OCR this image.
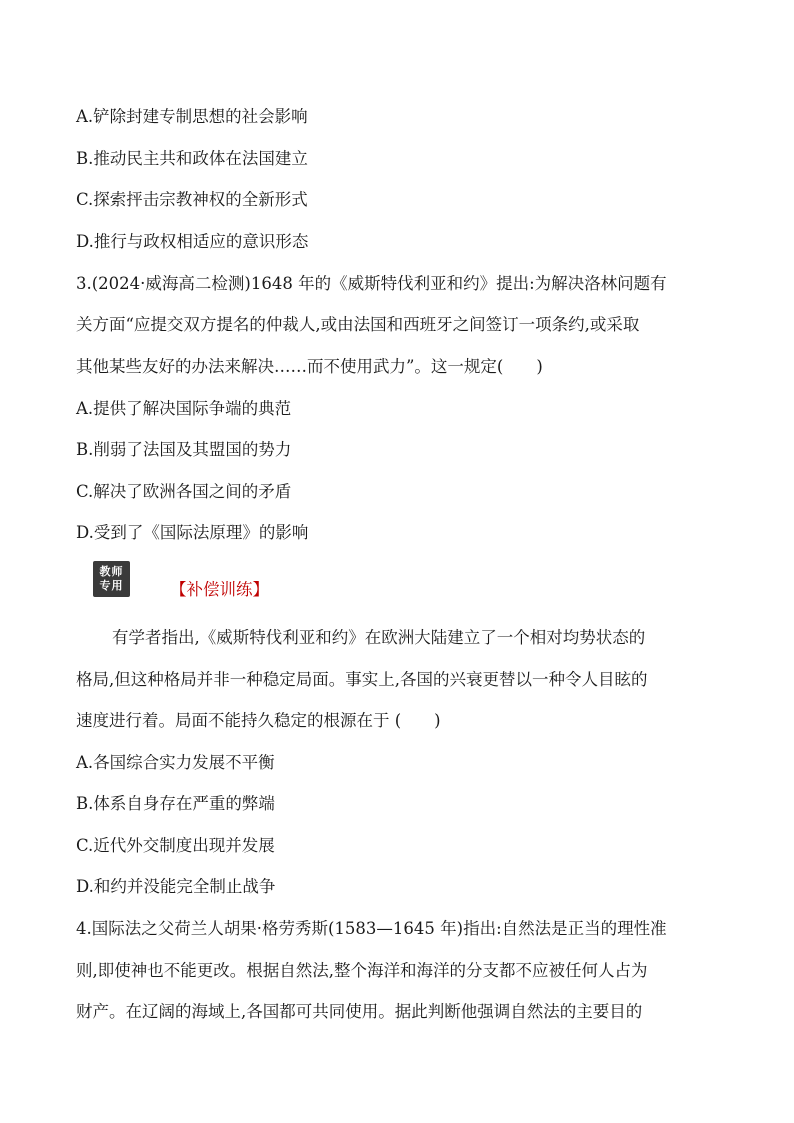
A.铲除封建专制思想的社会影响
B.推动民主共和政体在法国建立
C.探索抨击宗教神权的全新形式
D.推行与政权相适应的意识形态
3.(2024·威海高二检测)1648 年的《威斯特伐利亚和约》提出:为解决洛林问题有
关方面“应提交双方提名的仲裁人,或由法国和西班牙之间签订一项条约,或采取
其他某些友好的办法来解决……而不使用武力”。这一规定(　　)
A.提供了解决国际争端的典范
B.削弱了法国及其盟国的势力
C.解决了欧洲各国之间的矛盾
D.受到了《国际法原理》的影响
教师
专用	【补偿训练】
有学者指出,《威斯特伐利亚和约》在欧洲大陆建立了一个相对均势状态的
格局,但这种格局并非一种稳定局面。事实上,各国的兴衰更替以一种令人目眩的
速度进行着。局面不能持久稳定的根源在于 (　　)
A.各国综合实力发展不平衡
B.体系自身存在严重的弊端
C.近代外交制度出现并发展
D.和约并没能完全制止战争
4.国际法之父荷兰人胡果·格劳秀斯(1583—1645 年)指出:自然法是正当的理性准
则,即使神也不能更改。根据自然法,整个海洋和海洋的分支都不应被任何人占为
财产。在辽阔的海域上,各国都可共同使用。据此判断他强调自然法的主要目的
